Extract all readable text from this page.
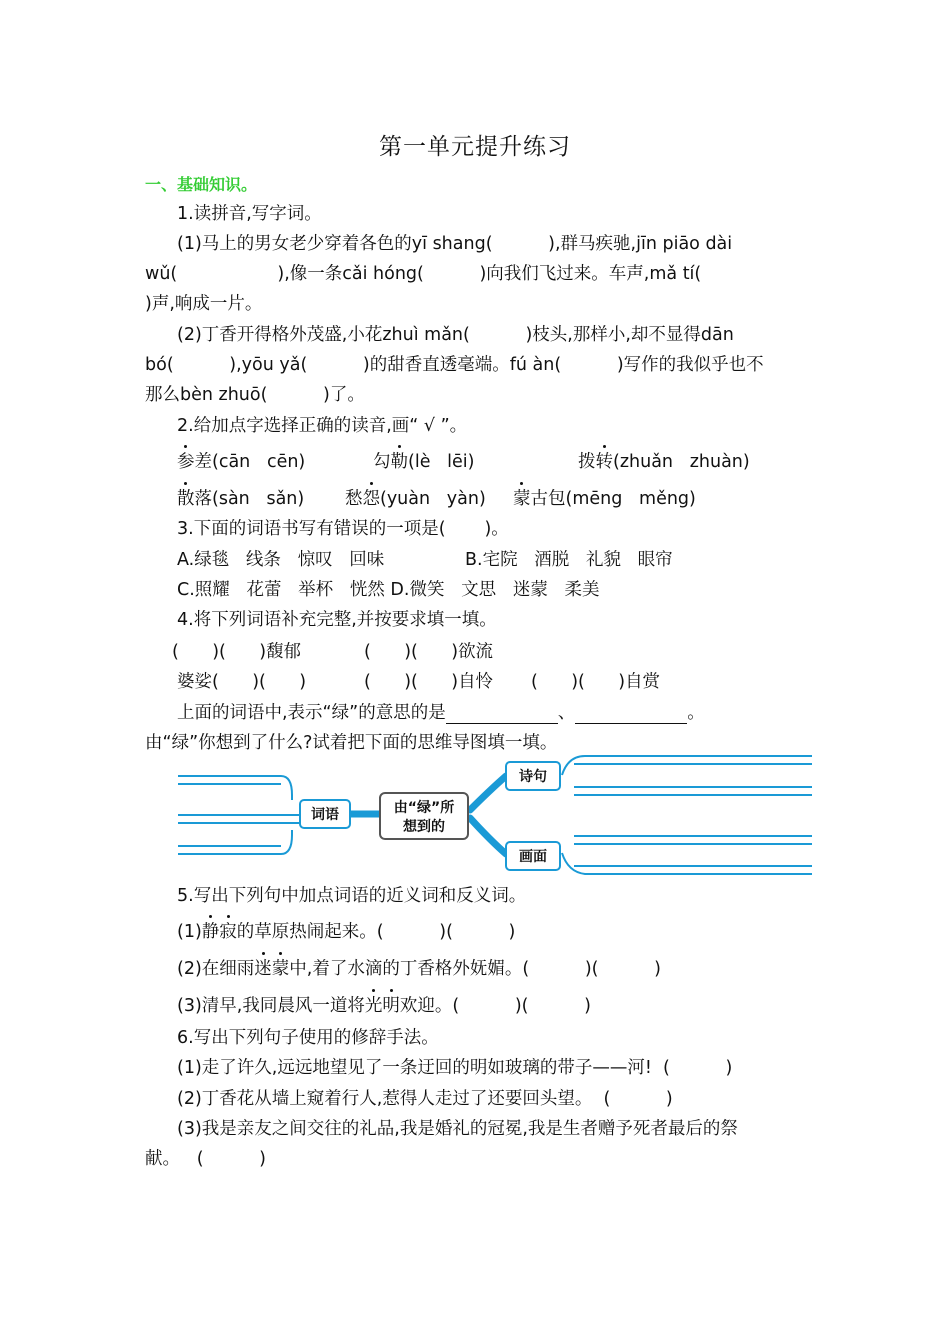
第一单元提升练习
一、基础知识。
1.读拼音,写字词。
(1)马上的男女老少穿着各色的yī shang(          ),群马疾驰,jīn piāo dài
wǔ(                  ),像一条cǎi hóng(          )向我们飞过来。车声,mǎ tí(
)声,响成一片。
(2)丁香开得格外茂盛,小花zhuì mǎn(          )枝头,那样小,却不显得dān
bó(          ),yōu yǎ(          )的甜香直透毫端。fú àn(          )写作的我似乎也不
那么bèn zhuō(          )了。
2.给加点字选择正确的读音,画“ √ ”。
参差(cān   cēn)	勾勒(lè   lēi)	拨转(zhuǎn   zhuàn)
散落(sàn   sǎn) 愁怨(yuàn   yàn) 蒙古包(mēng   měng)
3.下面的词语书写有错误的一项是(       )。
A.绿毯   线条   惊叹   回味	B.宅院   酒脱   礼貌   眼帘
C.照耀   花蕾   举杯   恍然 D.微笑   文思   迷蒙   柔美
4.将下列词语补充完整,并按要求填一填。
(      )(      )馥郁	(      )(      )欲流
婆娑(      )(      )	(      )(      )自怜 (      )(      )自赏
上面的词语中,表示“绿”的意思的是	、	。
由“绿”你想到了什么?试着把下面的思维导图填一填。
词语
诗句
画面
由“绿”所
想到的
5.写出下列句中加点词语的近义词和反义词。
(1)静寂的草原热闹起来。(          )(          )
(2)在细雨迷蒙中,着了水滴的丁香格外妩媚。(          )(          )
(3)清早,我同晨风一道将光明欢迎。(          )(          )
6.写出下列句子使用的修辞手法。
(1)走了许久,远远地望见了一条迂回的明如玻璃的带子——河!  (          )
(2)丁香花从墙上窥着行人,惹得人走过了还要回头望。  (          )
(3)我是亲友之间交往的礼品,我是婚礼的冠冕,我是生者赠予死者最后的祭
献。   (          )
